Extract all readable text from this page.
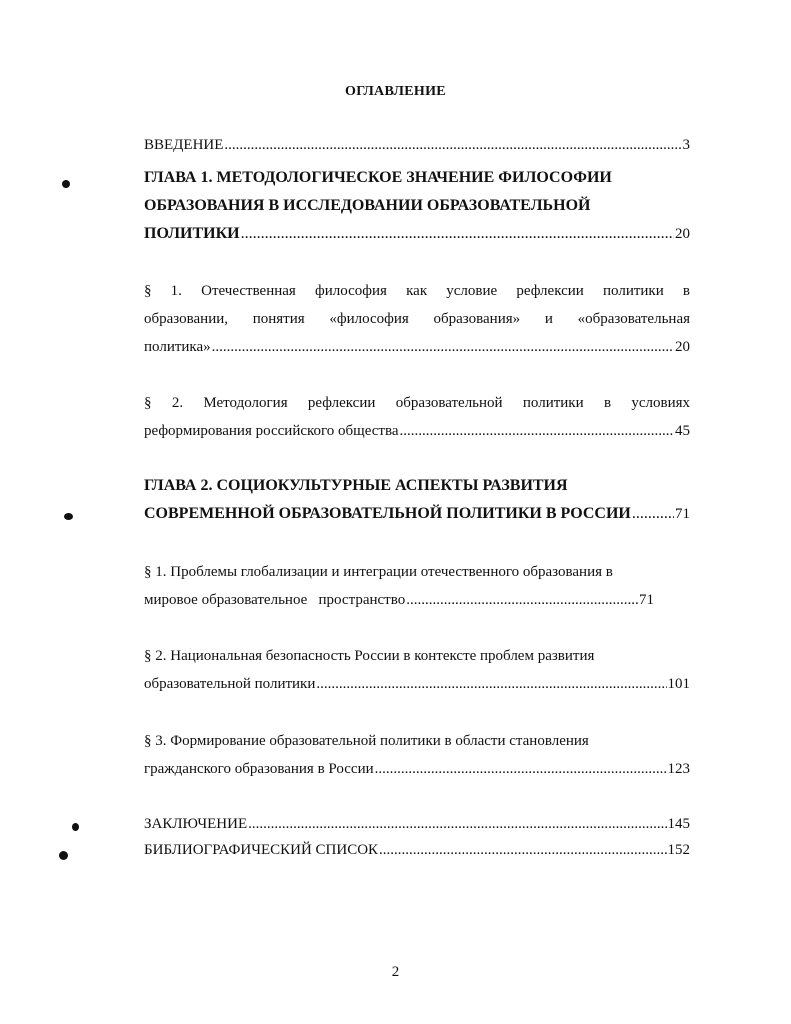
ОГЛАВЛЕНИЕ
ВВЕДЕНИЕ .....	3
ГЛАВА 1. МЕТОДОЛОГИЧЕСКОЕ ЗНАЧЕНИЕ ФИЛОСОФИИ
ОБРАЗОВАНИЯ В ИССЛЕДОВАНИИ ОБРАЗОВАТЕЛЬНОЙ
ПОЛИТИКИ .....	20
§ 1. Отечественная философия как условие рефлексии политики в
образовании, понятия «философия образования» и «образовательная
политика» .....	20
§ 2. Методология рефлексии образовательной политики в условиях
реформирования российского общества .....	45
ГЛАВА 2. СОЦИОКУЛЬТУРНЫЕ АСПЕКТЫ РАЗВИТИЯ
СОВРЕМЕННОЙ ОБРАЗОВАТЕЛЬНОЙ ПОЛИТИКИ В РОССИИ .....	71
§ 1. Проблемы глобализации и интеграции отечественного образования в
мировое образовательное   пространство .....	71
§ 2. Национальная безопасность России в контексте проблем развития
образовательной политики .....	101
§ 3. Формирование образовательной политики в области становления
гражданского образования в России .....	123
ЗАКЛЮЧЕНИЕ .....	145
БИБЛИОГРАФИЧЕСКИЙ СПИСОК .....	152
2
